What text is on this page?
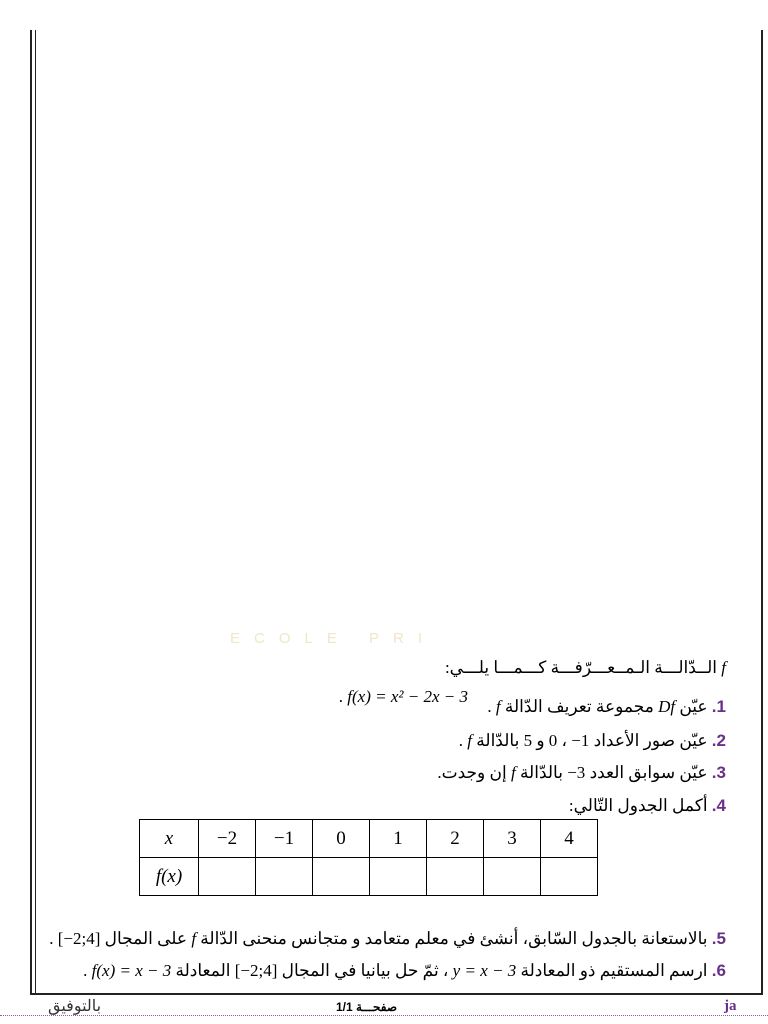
ECOLE PRI
f الــدّالـــة الـمــعـــرّفـــة كـــمـــا يلـــي:
f(x) = x² − 2x − 3 .
1. عيّن Df مجموعة تعريف الدّالة f .
2. عيّن صور الأعداد −1 ، 0 و 5 بالدّالة f .
3. عيّن سوابق العدد −3 بالدّالة f إن وجدت.
4. أكمل الجدول التّالي:
x	−2	−1	0	1	2	3	4
f(x)							
5. بالاستعانة بالجدول السّابق، أنشئ في معلم متعامد و متجانس منحنى الدّالة f على المجال [−2;4] .
6. ارسم المستقيم ذو المعادلة y = x − 3 ، ثمّ حل بيانيا في المجال [−2;4] المعادلة f(x) = x − 3 .
بالتوفيق	صفحـــة 1/1	ja
